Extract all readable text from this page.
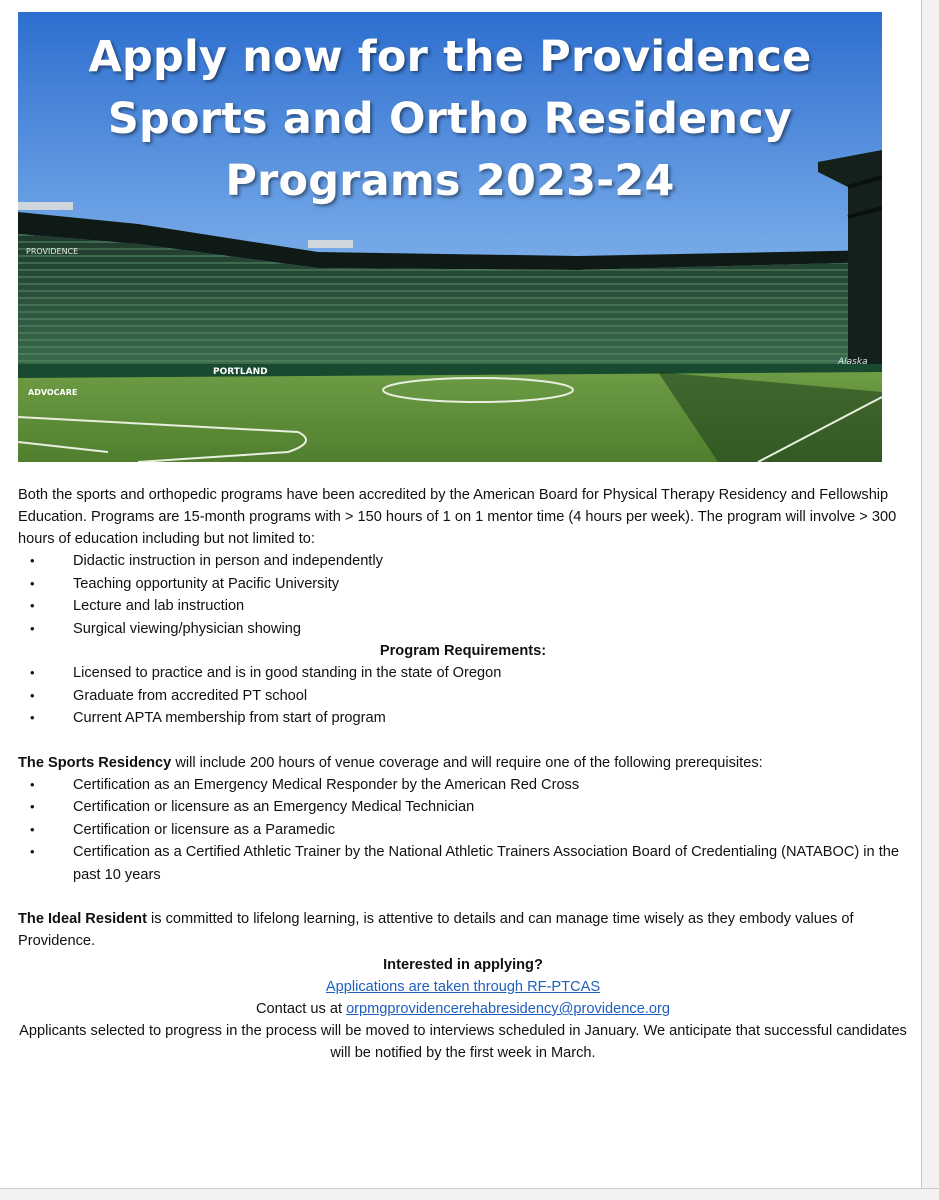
PROVIDENCE
PORTLAND
ADVOCARE
Alaska
Apply now for the Providence
Sports and Ortho Residency
Programs 2023-24

Both the sports and orthopedic programs have been accredited by the American Board for Physical Therapy Residency and Fellowship Education. Programs are 15-month programs with > 150 hours of 1 on 1 mentor time (4 hours per week). The program will involve > 300 hours of education including but not limited to:

• Didactic instruction in person and independently
• Teaching opportunity at Pacific University
• Lecture and lab instruction
• Surgical viewing/physician showing
Program Requirements:
• Licensed to practice and is in good standing in the state of Oregon
• Graduate from accredited PT school
• Current APTA membership from start of program

The Sports Residency will include 200 hours of venue coverage and will require one of the following prerequisites:

• Certification as an Emergency Medical Responder by the American Red Cross
• Certification or licensure as an Emergency Medical Technician
• Certification or licensure as a Paramedic
• Certification as a Certified Athletic Trainer by the National Athletic Trainers Association Board of Credentialing (NATABOC) in the past 10 years

The Ideal Resident is committed to lifelong learning, is attentive to details and can manage time wisely as they embody values of Providence.

Interested in applying?

Applications are taken through RF-PTCAS

Contact us at orpmgprovidencerehabresidency@providence.org

Applicants selected to progress in the process will be moved to interviews scheduled in January. We anticipate that successful candidates will be notified by the first week in March.
